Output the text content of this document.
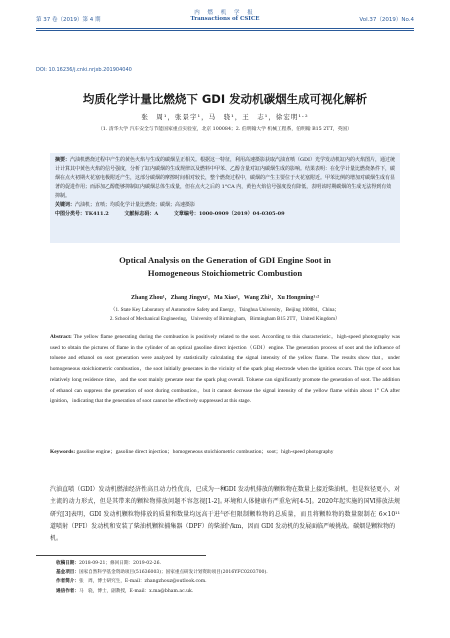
第 37 卷（2019）第 4 期
内 燃 机 学 报
Transactions of CSICE	Vol.37（2019）No.4
DOI: 10.16236/j.cnki.nrjxb.201904040
均质化学计量比燃烧下 GDI 发动机碳烟生成可视化解析
张　周¹，张景宇¹，马　骁¹，王　志¹，徐宏明¹·²
（1. 清华大学 汽车安全与节能国家重点实验室，北京 100084；2. 伯明翰大学 机械工程系，伯明翰 B15 2TT，英国）
摘要：汽油机燃烧过程中产生的黄色火焰与生成的碳烟呈正相关。根据这一特征，利用高速摄影获取汽油直喷（GDI）光学发动机缸内的火焰图片，通过统计计算其中黄色火焰的信号强度，分析了缸内碳烟的生成规律以及燃料中甲苯、乙醇含量对缸内碳烟生成的影响。结果表明：在化学计量比燃烧条件下，碳烟在点火初期火花塞电极附近产生，这部分碳烟的摩擦时间相对较长，整个燃烧过程中，碳烟的产生主要位于火花塞附近。甲苯比例的增加对碳烟生成有显著的促进作用；而添加乙醇能够抑制缸内碳烟总体生成量，但在点火之后的 1°CA 内，黄色火焰信号强度没有降低，表明该时期碳烟的生成无法得到有效抑制。
关键词：汽油机；直喷；均质化学计量比燃烧；碳烟；高速摄影
中图分类号：TK411.2	文献标志码：A	文章编号：1000-0909（2019）04-0305-09
Optical Analysis on the Generation of GDI Engine Soot in
Homogeneous Stoichiometric Combustion
Zhang Zhou¹，Zhang Jingyu¹，Ma Xiao¹，Wang Zhi¹，Xu Hongming¹·²
（1. State Key Laboratory of Automotive Safety and Energy，Tsinghua University，Beijing 100084，China；
2. School of Mechanical Engineering，University of Birmingham，Birmingham B15 2TT，United Kingdom）
Abstract: The yellow flame generating during the combustion is positively related to the soot. According to this characteristic，high-speed photography was used to obtain the pictures of flame in the cylinder of an optical gasoline direct injection（GDI）engine. The generation process of soot and the influence of toluene and ethanol on soot generation were analyzed by statistically calculating the signal intensity of the yellow flame. The results show that，under homogeneous stoichiometric combustion，the soot initially generates in the vicinity of the spark plug electrode when the ignition occurs. This type of soot has relatively long residence time，and the soot mainly generate near the spark plug overall. Toluene can significantly promote the generation of soot. The addition of ethanol can suppress the generation of soot during combustion，but it cannot decrease the signal intensity of the yellow flame within about 1° CA after ignition，indicating that the generation of soot cannot be effectively suppressed at this stage.
Keywords: gasoline engine；gasoline direct injection；homogeneous stoichiometric combustion；soot；high-speed photography
汽油直喷（GDI）发动机燃油经济性高且动力性优良，已成为一种主流的动力形式，但是其带来的颗粒物排放问题不容忽视[1-2]。研究[3]表明，GDI 发动机颗粒物排放的质量和数量均远高于进气道喷射（PFI）发动机和安装了柴油机颗粒捕集器（DPF）的柴油机。
GDI 发动机排放的颗粒物在数量上接近柴油机，但是粒径更小，对环境和人体健康有严重危害[4-5]。2020年起实施的国Ⅵ排放法规不但限制颗粒物的总质量，而且将颗粒物的数量限制在 6×10¹¹ 个/km，因而 GDI 发动机的发展面临严峻挑战。碳烟是颗粒物的
收稿日期：2018-09-21；修回日期：2019-02-26.
基金项目：国家自然科学基金资助项目(51636003)；国家重点研发计划资助项目(2016YFC0203700).
作者简介：张　周，博士研究生，E-mail：zhangzhouz@outlook.com.
通信作者：马　骁，博士，副教授，E-mail：x.ma@bham.ac.uk.
